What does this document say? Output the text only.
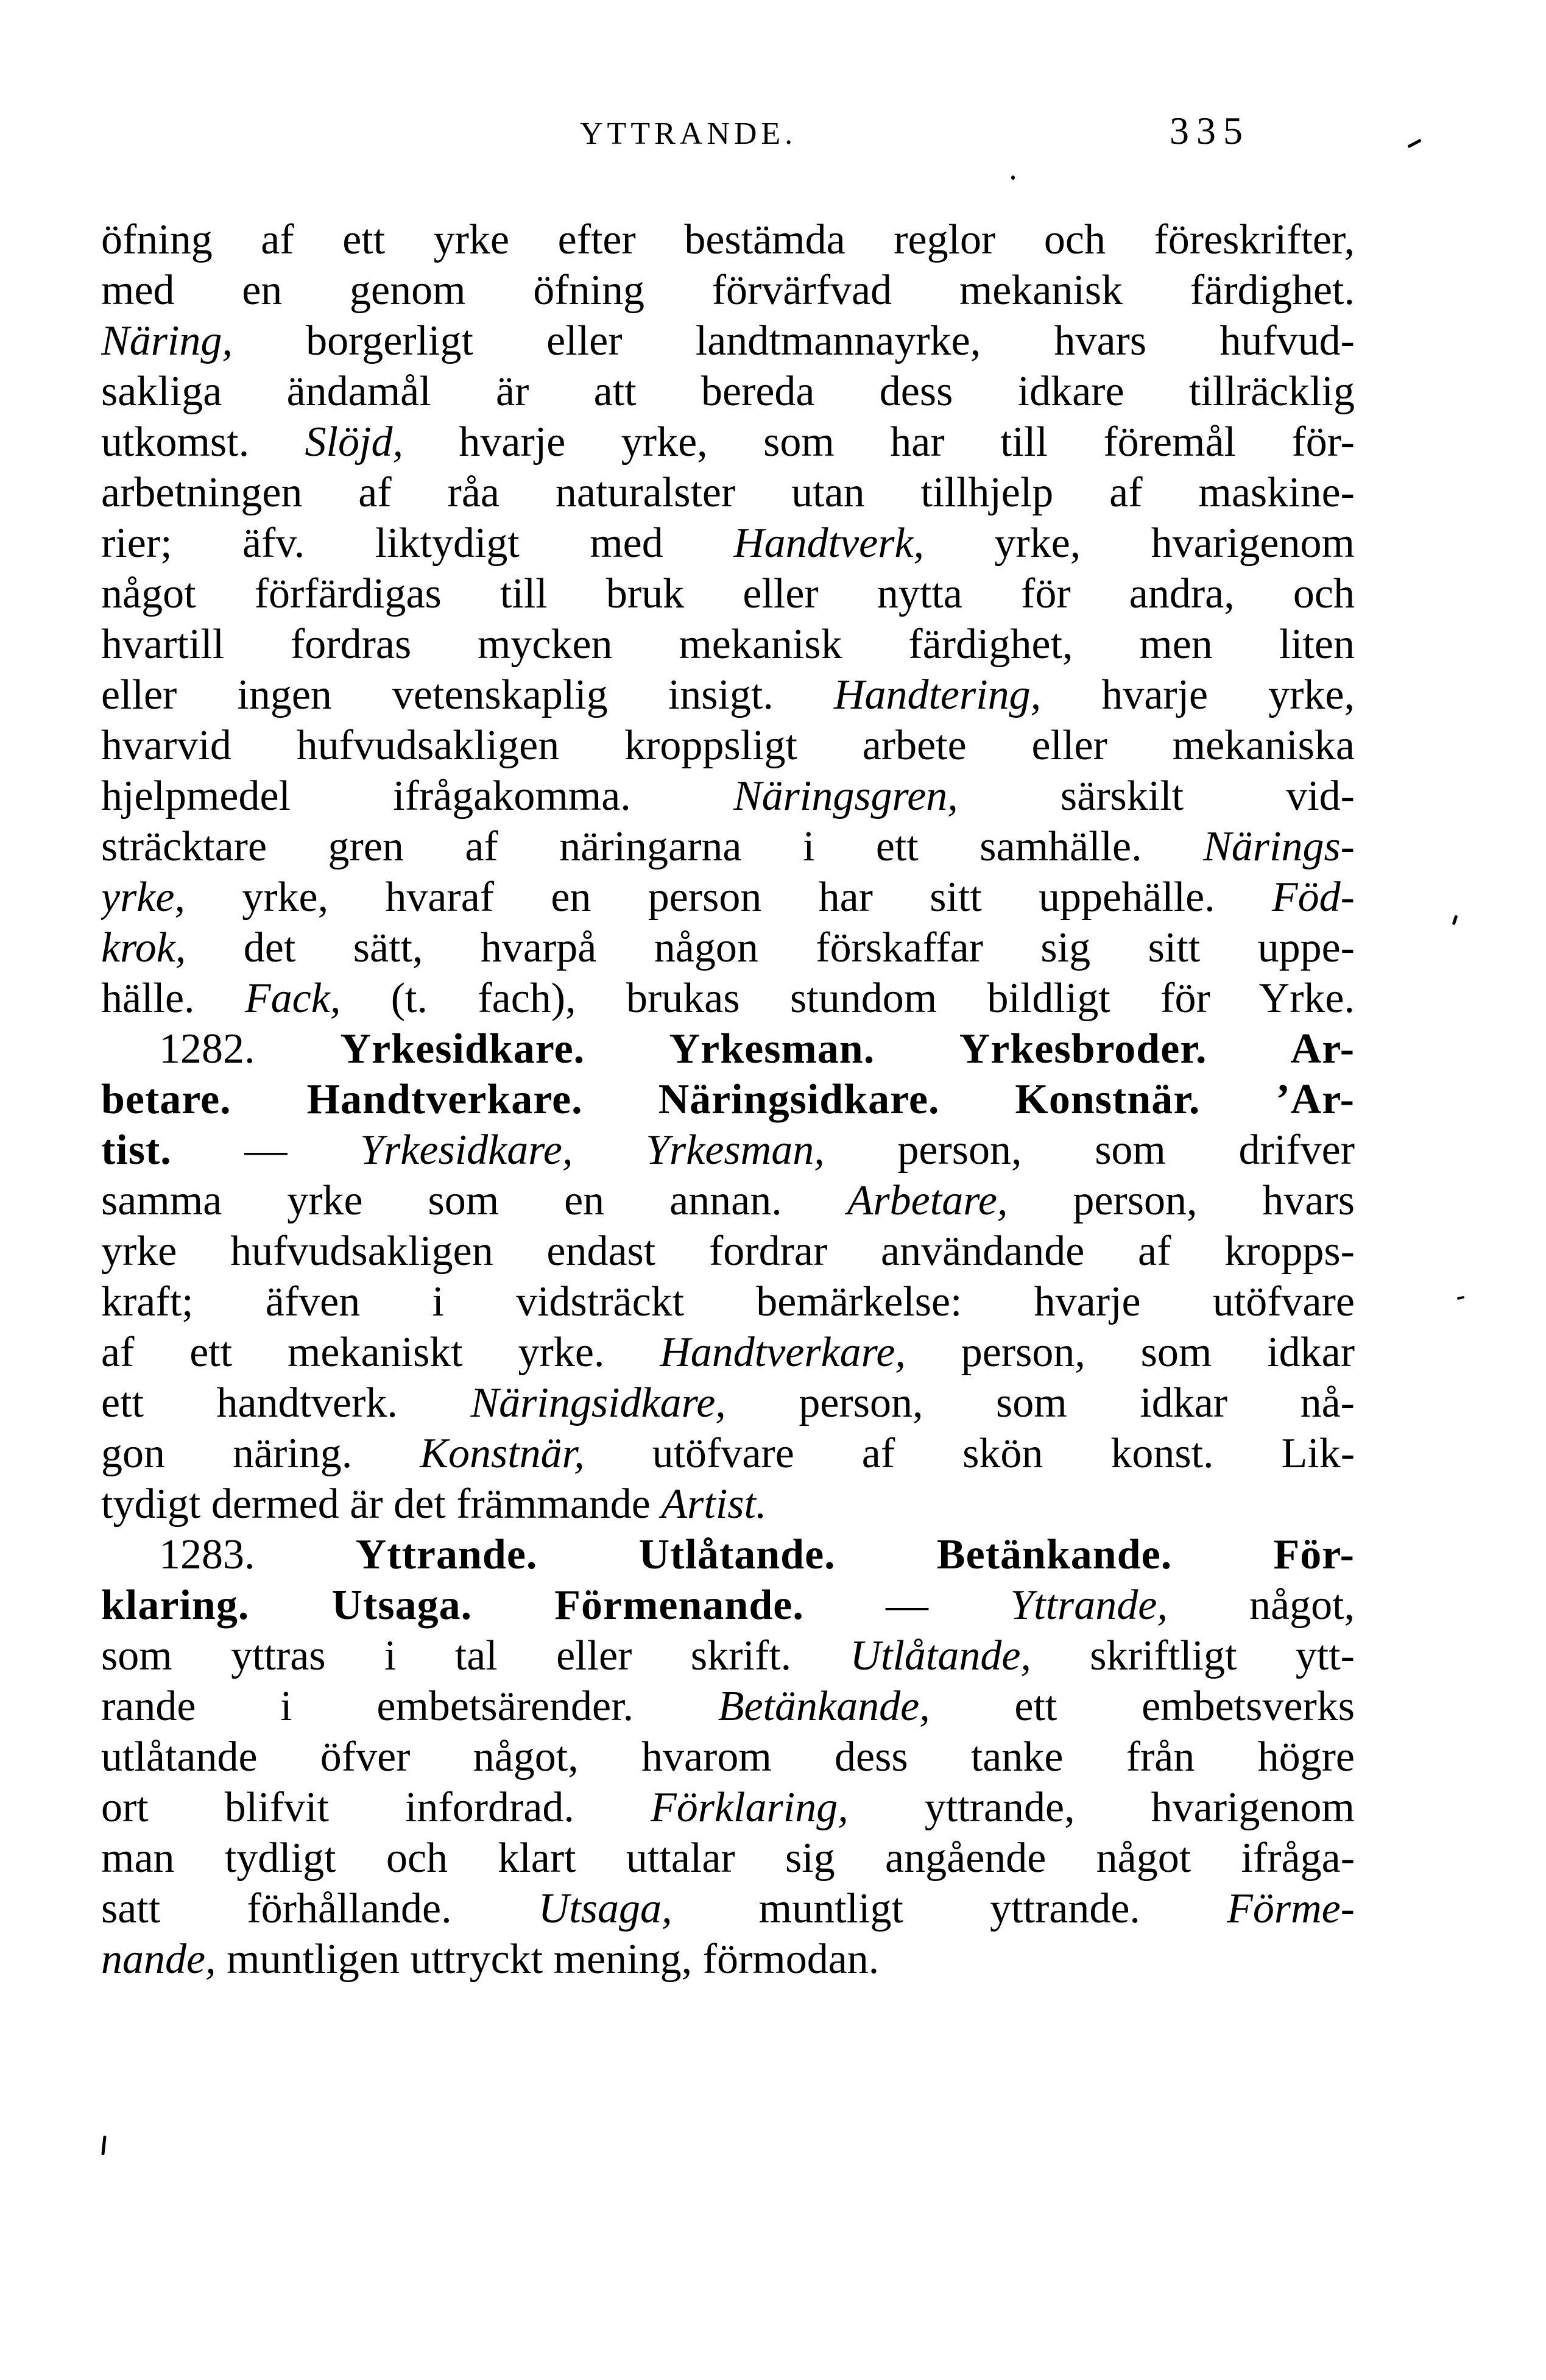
YTTRANDE.	335
öfning af ett yrke efter bestämda reglor och föreskrifter,
med en genom öfning förvärfvad mekanisk färdighet.
Näring, borgerligt eller landtmannayrke, hvars hufvud-
sakliga ändamål är att bereda dess idkare tillräcklig
utkomst. Slöjd, hvarje yrke, som har till föremål för-
arbetningen af råa naturalster utan tillhjelp af maskine-
rier; äfv. liktydigt med Handtverk, yrke, hvarigenom
något förfärdigas till bruk eller nytta för andra, och
hvartill fordras mycken mekanisk färdighet, men liten
eller ingen vetenskaplig insigt. Handtering, hvarje yrke,
hvarvid hufvudsakligen kroppsligt arbete eller mekaniska
hjelpmedel ifrågakomma. Näringsgren, särskilt vid-
sträcktare gren af näringarna i ett samhälle. Närings-
yrke, yrke, hvaraf en person har sitt uppehälle. Föd-
krok, det sätt, hvarpå någon förskaffar sig sitt uppe-
hälle. Fack, (t. fach), brukas stundom bildligt för Yrke.
1282. Yrkesidkare. Yrkesman. Yrkesbroder. Ar-
betare. Handtverkare. Näringsidkare. Konstnär. ’Ar-
tist. — Yrkesidkare, Yrkesman, person, som drifver
samma yrke som en annan. Arbetare, person, hvars
yrke hufvudsakligen endast fordrar användande af kropps-
kraft; äfven i vidsträckt bemärkelse: hvarje utöfvare
af ett mekaniskt yrke. Handtverkare, person, som idkar
ett handtverk. Näringsidkare, person, som idkar nå-
gon näring. Konstnär, utöfvare af skön konst. Lik-
tydigt dermed är det främmande Artist.
1283. Yttrande. Utlåtande. Betänkande. För-
klaring. Utsaga. Förmenande. — Yttrande, något,
som yttras i tal eller skrift. Utlåtande, skriftligt ytt-
rande i embetsärender. Betänkande, ett embetsverks
utlåtande öfver något, hvarom dess tanke från högre
ort blifvit infordrad. Förklaring, yttrande, hvarigenom
man tydligt och klart uttalar sig angående något ifråga-
satt förhållande. Utsaga, muntligt yttrande. Förme-
nande, muntligen uttryckt mening, förmodan.
